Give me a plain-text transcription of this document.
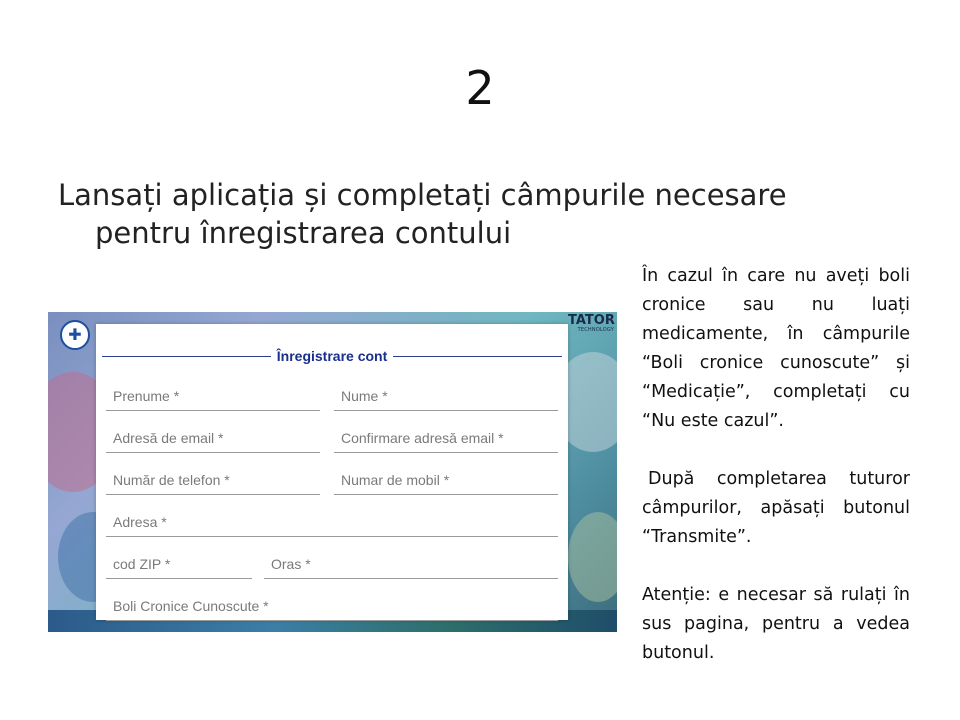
2
Lansați aplicația și completați câmpurile necesare
pentru înregistrarea contului
✚
TATOR
TECHNOLOGY
Înregistrare cont
Prenume *	Nume *
Adresă de email *	Confirmare adresă email *
Număr de telefon *	Numar de mobil *
Adresa *
cod ZIP *	Oras *
Boli Cronice Cunoscute *

În cazul în care nu aveți boli cronice sau nu luați medicamente, în câmpurile “Boli cronice cunoscute” și “Medicație”, completați cu “Nu este cazul”.

După completarea tuturor câmpurilor, apăsați butonul “Transmite”.

Atenție: e necesar să rulați în sus pagina, pentru a vedea butonul.
